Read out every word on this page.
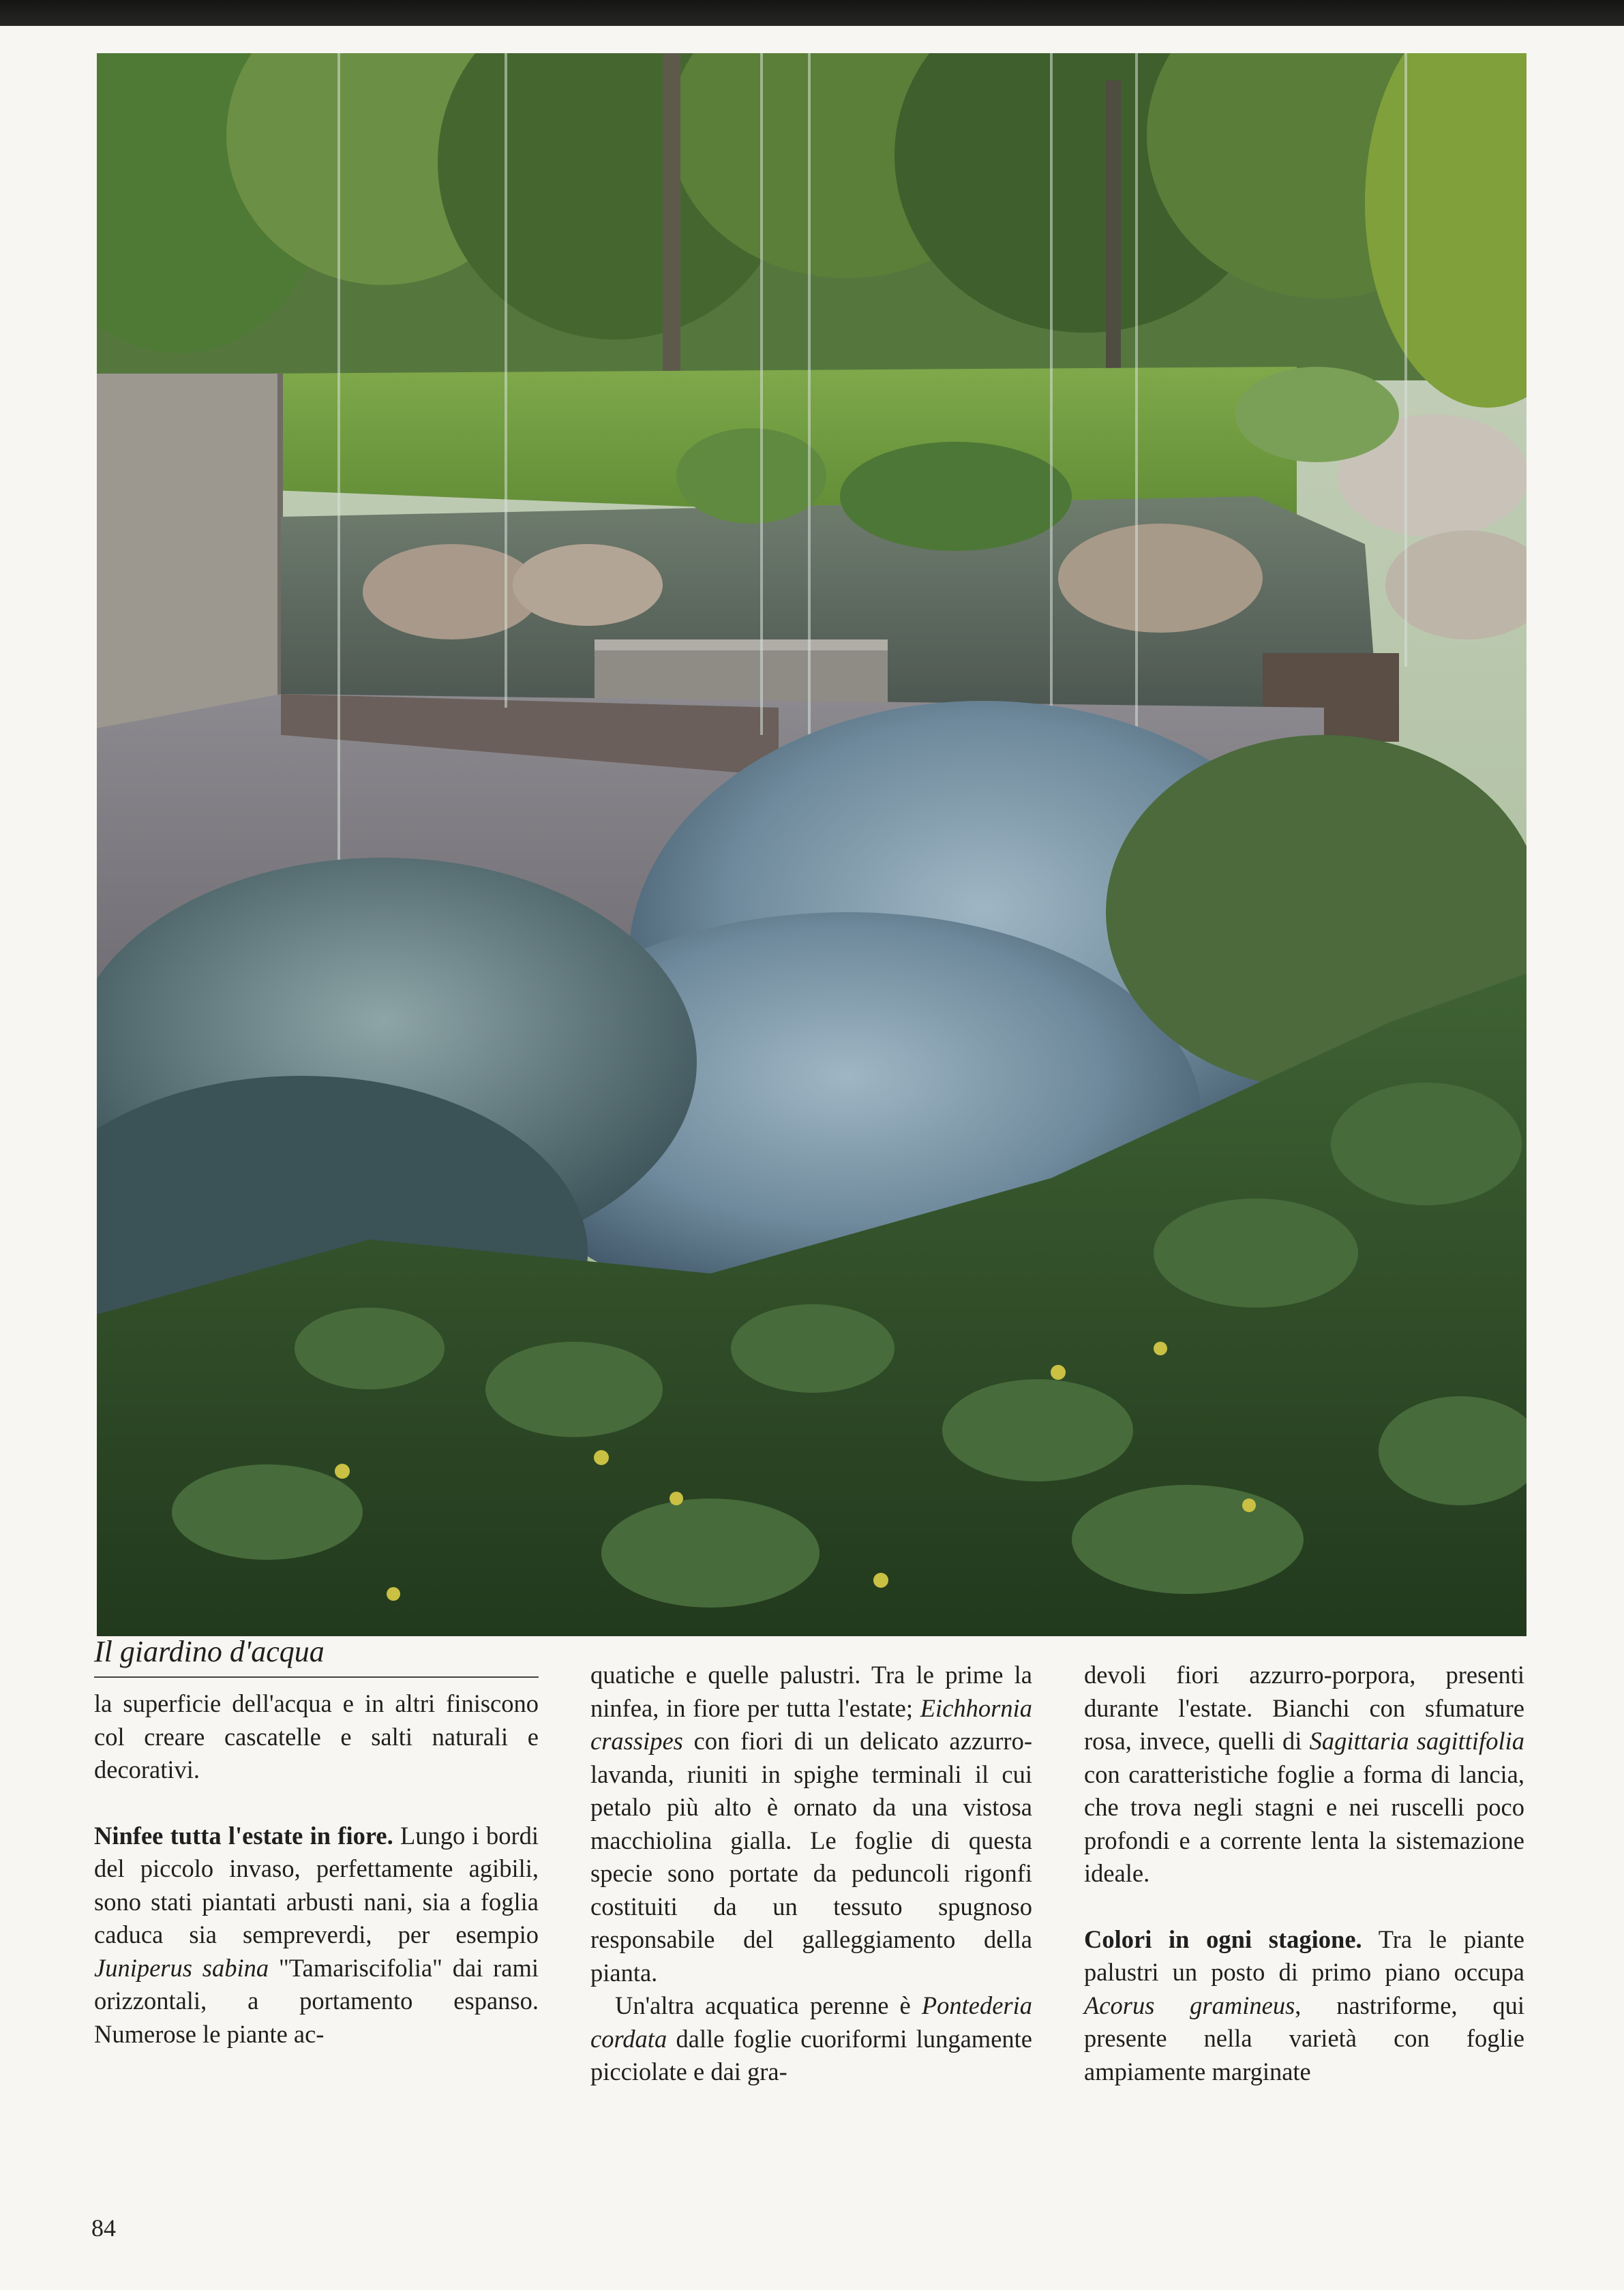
Il giardino d'acqua

la superficie dell'acqua e in altri finiscono col creare cascatelle e salti naturali e decorativi.

Ninfee tutta l'estate in fiore. Lungo i bordi del piccolo invaso, perfettamente agibili, sono stati piantati arbusti nani, sia a foglia caduca sia sempreverdi, per esempio Juniperus sabina "Tamariscifolia" dai rami orizzontali, a portamento espanso. Numerose le piante ac-

quatiche e quelle palustri. Tra le prime la ninfea, in fiore per tutta l'estate; Eichhornia crassipes con fiori di un delicato azzurro-lavanda, riuniti in spighe terminali il cui petalo più alto è ornato da una vistosa macchiolina gialla. Le foglie di questa specie sono portate da peduncoli rigonfi costituiti da un tessuto spugnoso responsabile del galleggiamento della pianta.

Un'altra acquatica perenne è Pontederia cordata dalle foglie cuoriformi lungamente picciolate e dai gra-

devoli fiori azzurro-porpora, presenti durante l'estate. Bianchi con sfumature rosa, invece, quelli di Sagittaria sagittifolia con caratteristiche foglie a forma di lancia, che trova negli stagni e nei ruscelli poco profondi e a corrente lenta la sistemazione ideale.

Colori in ogni stagione. Tra le piante palustri un posto di primo piano occupa Acorus gramineus, nastriforme, qui presente nella varietà con foglie ampiamente marginate

84
